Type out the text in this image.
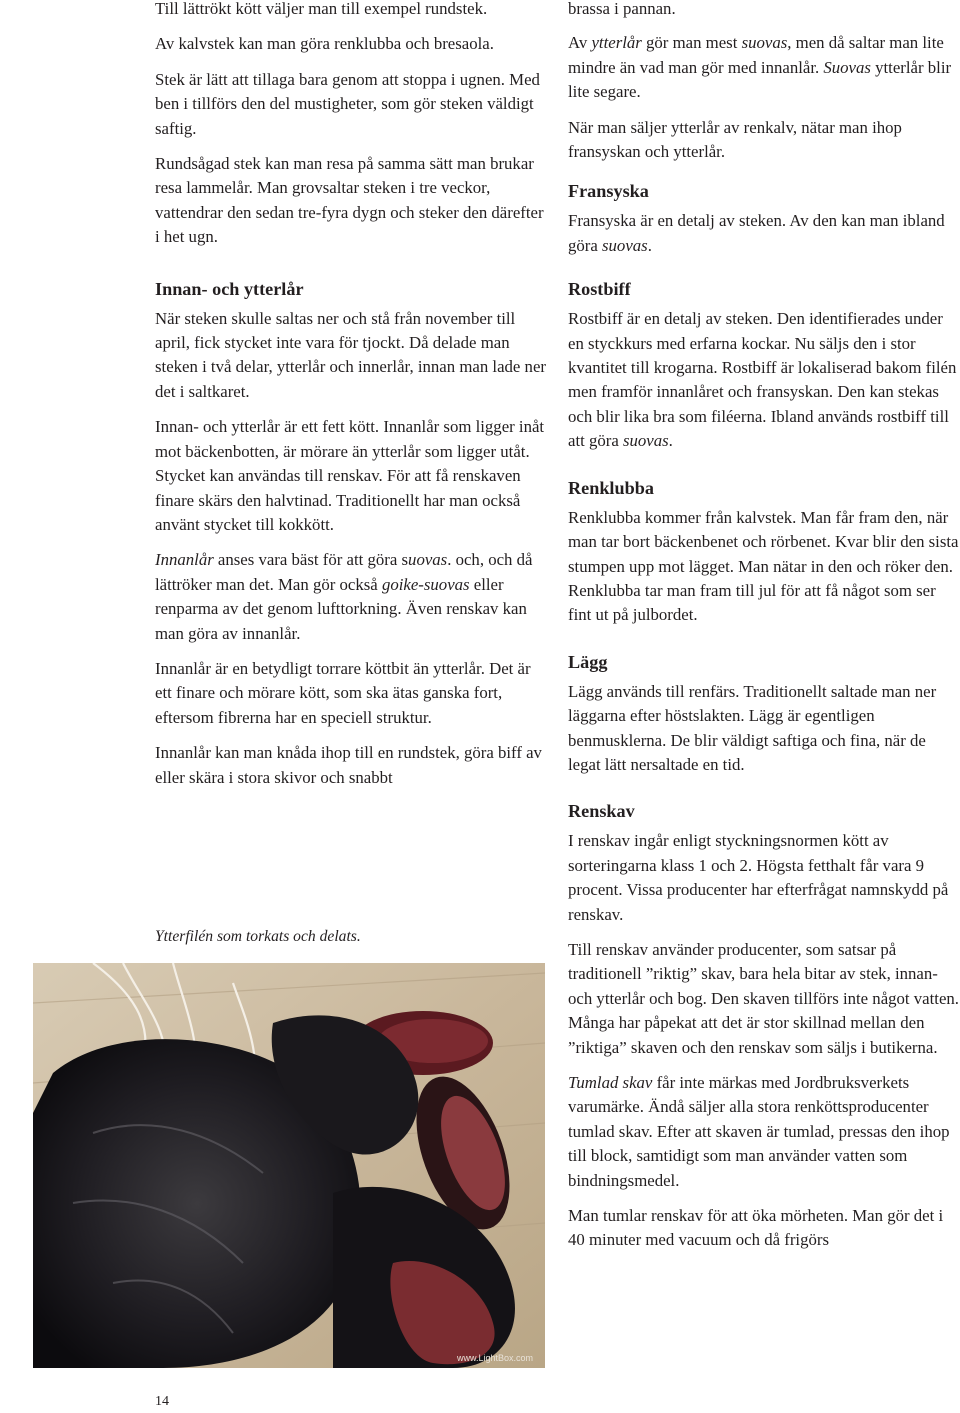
Till lättrökt kött väljer man till exempel rundstek.

Av kalvstek kan man göra renklubba och bresaola.

Stek är lätt att tillaga bara genom att stoppa i ugnen. Med ben i tillförs den del mustigheter, som gör steken väldigt saftig.

Rundsågad stek kan man resa på samma sätt man brukar resa lammelår. Man grovsaltar steken i tre veckor, vattendrar den sedan tre-fyra dygn och steker den därefter i het ugn.

Innan- och ytterlår

När steken skulle saltas ner och stå från november till april, fick stycket inte vara för tjockt. Då delade man steken i två delar, ytterlår och innerlår, innan man lade ner det i saltkaret.

Innan- och ytterlår är ett fett kött. Innanlår som ligger inåt mot bäckenbotten, är mörare än ytterlår som ligger utåt. Stycket kan användas till renskav. För att få renskaven finare skärs den halvtinad. Traditionellt har man också använt stycket till kokkött.

Innanlår anses vara bäst för att göra suovas. och, och då lättröker man det. Man gör också goike-suovas eller renparma av det genom lufttorkning. Även renskav kan man göra av innanlår.

Innanlår är en betydligt torrare köttbit än ytterlår. Det är ett finare och mörare kött, som ska ätas ganska fort, eftersom fibrerna har en speciell struktur.

Innanlår kan man knåda ihop till en rundstek, göra biff av eller skära i stora skivor och snabbt

Ytterfilén som torkats och delats.
www.LightBox.com

brassa i pannan.

Av ytterlår gör man mest suovas, men då saltar man lite mindre än vad man gör med innanlår. Suovas ytterlår blir lite segare.

När man säljer ytterlår av renkalv, nätar man ihop fransyskan och ytterlår.

Fransyska

Fransyska är en detalj av steken. Av den kan man ibland göra suovas.

Rostbiff

Rostbiff är en detalj av steken. Den identifierades under en styckkurs med erfarna kockar. Nu säljs den i stor kvantitet till krogarna. Rostbiff är lokaliserad bakom filén men framför innanlåret och fransyskan. Den kan stekas och blir lika bra som filéerna. Ibland används rostbiff till att göra suovas.

Renklubba

Renklubba kommer från kalvstek. Man får fram den, när man tar bort bäckenbenet och rörbenet. Kvar blir den sista stumpen upp mot lägget. Man nätar in den och röker den. Renklubba tar man fram till jul för att få något som ser fint ut på julbordet.

Lägg

Lägg används till renfärs. Traditionellt saltade man ner läggarna efter höstslakten. Lägg är egentligen benmusklerna. De blir väldigt saftiga och fina, när de legat lätt nersaltade en tid.

Renskav

I renskav ingår enligt styckningsnormen kött av sorteringarna klass 1 och 2. Högsta fetthalt får vara 9 procent. Vissa producenter har efterfrågat namnskydd på renskav.

Till renskav använder producenter, som satsar på traditionell ”riktig” skav, bara hela bitar av stek, innan- och ytterlår och bog. Den skaven tillförs inte något vatten. Många har påpekat att det är stor skillnad mellan den ”riktiga” skaven och den renskav som säljs i butikerna.

Tumlad skav får inte märkas med Jordbruksverkets varumärke. Ändå säljer alla stora renköttsproducenter tumlad skav. Efter att skaven är tumlad, pressas den ihop till block, samtidigt som man använder vatten som bindningsmedel.

Man tumlar renskav för att öka mörheten. Man gör det i 40 minuter med vacuum och då frigörs

14
